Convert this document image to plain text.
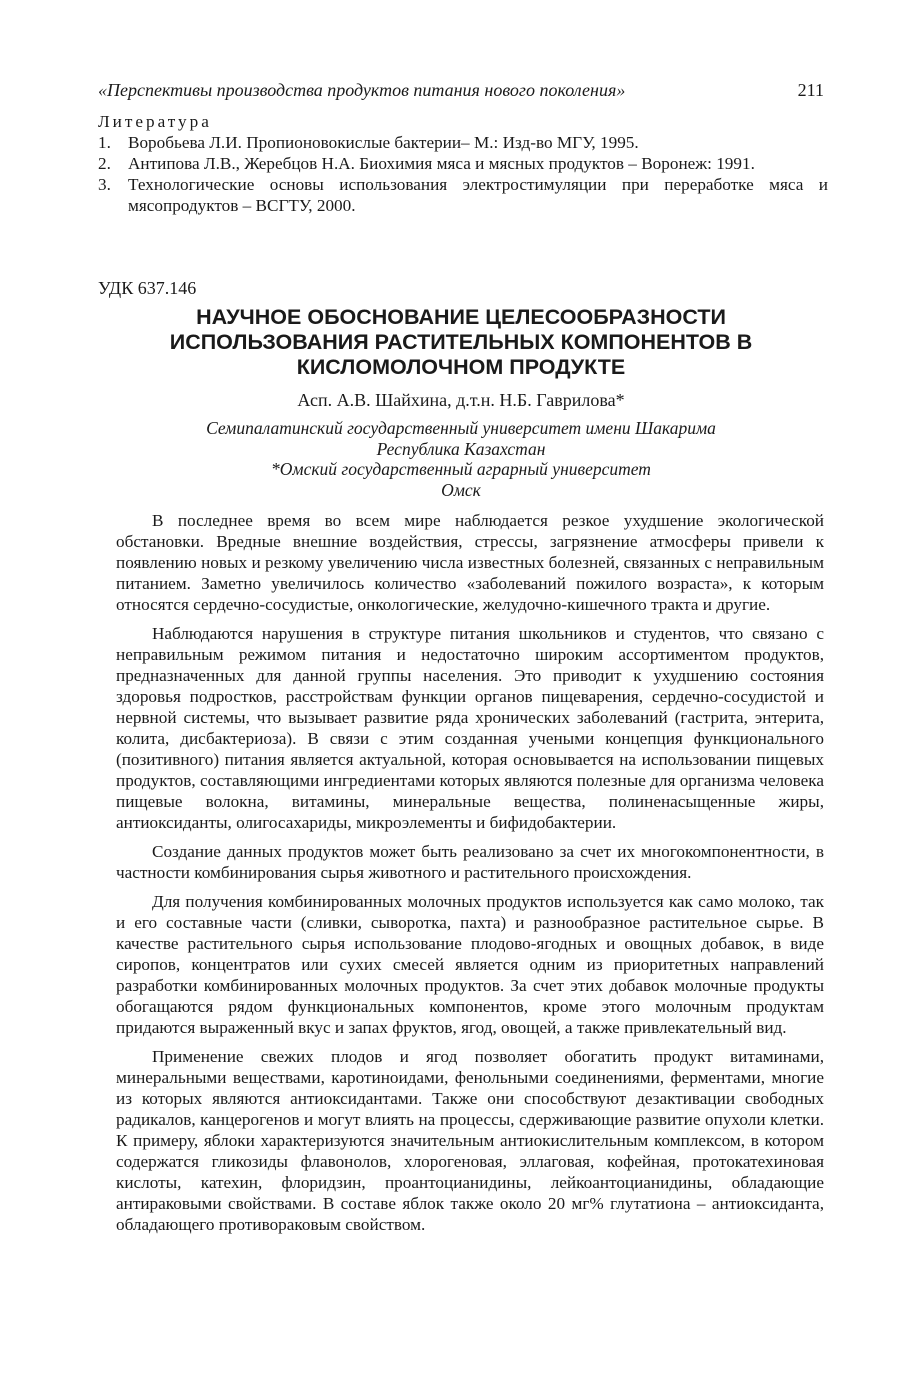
«Перспективы производства продуктов питания нового поколения»	211
Литература
1. Воробьева Л.И. Пропионовокислые бактерии– М.: Изд-во МГУ, 1995.
2. Антипова Л.В., Жеребцов Н.А. Биохимия мяса и мясных продуктов – Воронеж: 1991.
3. Технологические основы использования электростимуляции при переработке мяса и мясопродуктов – ВСГТУ, 2000.
УДК 637.146
НАУЧНОЕ ОБОСНОВАНИЕ ЦЕЛЕСООБРАЗНОСТИ
ИСПОЛЬЗОВАНИЯ РАСТИТЕЛЬНЫХ КОМПОНЕНТОВ В
КИСЛОМОЛОЧНОМ ПРОДУКТЕ
Асп. А.В. Шайхина, д.т.н. Н.Б. Гаврилова*
Семипалатинский государственный университет имени Шакарима
Республика Казахстан
*Омский государственный аграрный университет
Омск

В последнее время во всем мире наблюдается резкое ухудшение экологической обстановки. Вредные внешние воздействия, стрессы, загрязнение атмосферы привели к появлению новых и резкому увеличению числа известных болезней, связанных с неправильным питанием. Заметно увеличилось количество «заболеваний пожилого возраста», к которым относятся сердечно-сосудистые, онкологические, желудочно-кишечного тракта и другие.

Наблюдаются нарушения в структуре питания школьников и студентов, что связано с неправильным режимом питания и недостаточно широким ассортиментом продуктов, предназначенных для данной группы населения. Это приводит к ухудшению состояния здоровья подростков, расстройствам функции органов пищеварения, сердечно-сосудистой и нервной системы, что вызывает развитие ряда хронических заболеваний (гастрита, энтерита, колита, дисбактериоза). В связи с этим созданная учеными концепция функционального (позитивного) питания является актуальной, которая основывается на использовании пищевых продуктов, составляющими ингредиентами которых являются полезные для организма человека пищевые волокна, витамины, минеральные вещества, полиненасыщенные жиры, антиоксиданты, олигосахариды, микроэлементы и бифидобактерии.

Создание данных продуктов может быть реализовано за счет их многокомпонентности, в частности комбинирования сырья животного и растительного происхождения.

Для получения комбинированных молочных продуктов используется как само молоко, так и его составные части (сливки, сыворотка, пахта) и разнообразное растительное сырье. В качестве растительного сырья использование плодово-ягодных и овощных добавок, в виде сиропов, концентратов или сухих смесей является одним из приоритетных направлений разработки комбинированных молочных продуктов. За счет этих добавок молочные продукты обогащаются рядом функциональных компонентов, кроме этого молочным продуктам придаются выраженный вкус и запах фруктов, ягод, овощей, а также привлекательный вид.

Применение свежих плодов и ягод позволяет обогатить продукт витаминами, минеральными веществами, каротиноидами, фенольными соединениями, ферментами, многие из которых являются антиоксидантами. Также они способствуют дезактивации свободных радикалов, канцерогенов и могут влиять на процессы, сдерживающие развитие опухоли клетки. К примеру, яблоки характеризуются значительным антиокислительным комплексом, в котором содержатся гликозиды флавонолов, хлорогеновая, эллаговая, кофейная, протокатехиновая кислоты, катехин, флоридзин, проантоцианидины, лейкоантоцианидины, обладающие антираковыми свойствами. В составе яблок также около 20 мг% глутатиона – антиоксиданта, обладающего противораковым свойством.
